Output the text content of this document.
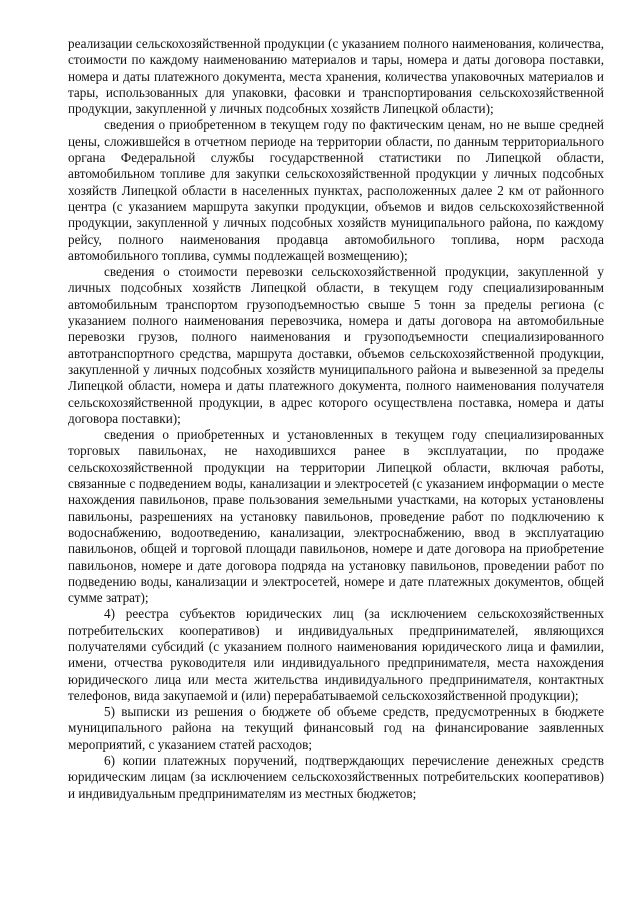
реализации сельскохозяйственной продукции (с указанием полного наименования, количества, стоимости по каждому наименованию материалов и тары, номера и даты договора поставки, номера и даты платежного документа, места хранения, количества упаковочных материалов и тары, использованных для упаковки, фасовки и транспортирования сельскохозяйственной продукции, закупленной у личных подсобных хозяйств Липецкой области);

сведения о приобретенном в текущем году по фактическим ценам, но не выше средней цены, сложившейся в отчетном периоде на территории области, по данным территориального органа Федеральной службы государственной статистики по Липецкой области, автомобильном топливе для закупки сельскохозяйственной продукции у личных подсобных хозяйств Липецкой области в населенных пунктах, расположенных далее 2 км от районного центра (с указанием маршрута закупки продукции, объемов и видов сельскохозяйственной продукции, закупленной у личных подсобных хозяйств муниципального района, по каждому рейсу, полного наименования продавца автомобильного топлива, норм расхода автомобильного топлива, суммы подлежащей возмещению);

сведения о стоимости перевозки сельскохозяйственной продукции, закупленной у личных подсобных хозяйств Липецкой области, в текущем году специализированным автомобильным транспортом грузоподъемностью свыше 5 тонн за пределы региона (с указанием полного наименования перевозчика, номера и даты договора на автомобильные перевозки грузов, полного наименования и грузоподъемности специализированного автотранспортного средства, маршрута доставки, объемов сельскохозяйственной продукции, закупленной у личных подсобных хозяйств муниципального района и вывезенной за пределы Липецкой области, номера и даты платежного документа, полного наименования получателя сельскохозяйственной продукции, в адрес которого осуществлена поставка, номера и даты договора поставки);

сведения о приобретенных и установленных в текущем году специализированных торговых павильонах, не находившихся ранее в эксплуатации, по продаже сельскохозяйственной продукции на территории Липецкой области, включая работы, связанные с подведением воды, канализации и электросетей (с указанием информации о месте нахождения павильонов, праве пользования земельными участками, на которых установлены павильоны, разрешениях на установку павильонов, проведение работ по подключению к водоснабжению, водоотведению, канализации, электроснабжению, ввод в эксплуатацию павильонов, общей и торговой площади павильонов, номере и дате договора на приобретение павильонов, номере и дате договора подряда на установку павильонов, проведении работ по подведению воды, канализации и электросетей, номере и дате платежных документов, общей сумме затрат);

4) реестра субъектов юридических лиц (за исключением сельскохозяйственных потребительских кооперативов) и индивидуальных предпринимателей, являющихся получателями субсидий (с указанием полного наименования юридического лица и фамилии, имени, отчества руководителя или индивидуального предпринимателя, места нахождения юридического лица или места жительства индивидуального предпринимателя, контактных телефонов, вида закупаемой и (или) перерабатываемой сельскохозяйственной продукции);

5) выписки из решения о бюджете об объеме средств, предусмотренных в бюджете муниципального района на текущий финансовый год на финансирование заявленных мероприятий, с указанием статей расходов;

6) копии платежных поручений, подтверждающих перечисление денежных средств юридическим лицам (за исключением сельскохозяйственных потребительских кооперативов) и индивидуальным предпринимателям из местных бюджетов;
